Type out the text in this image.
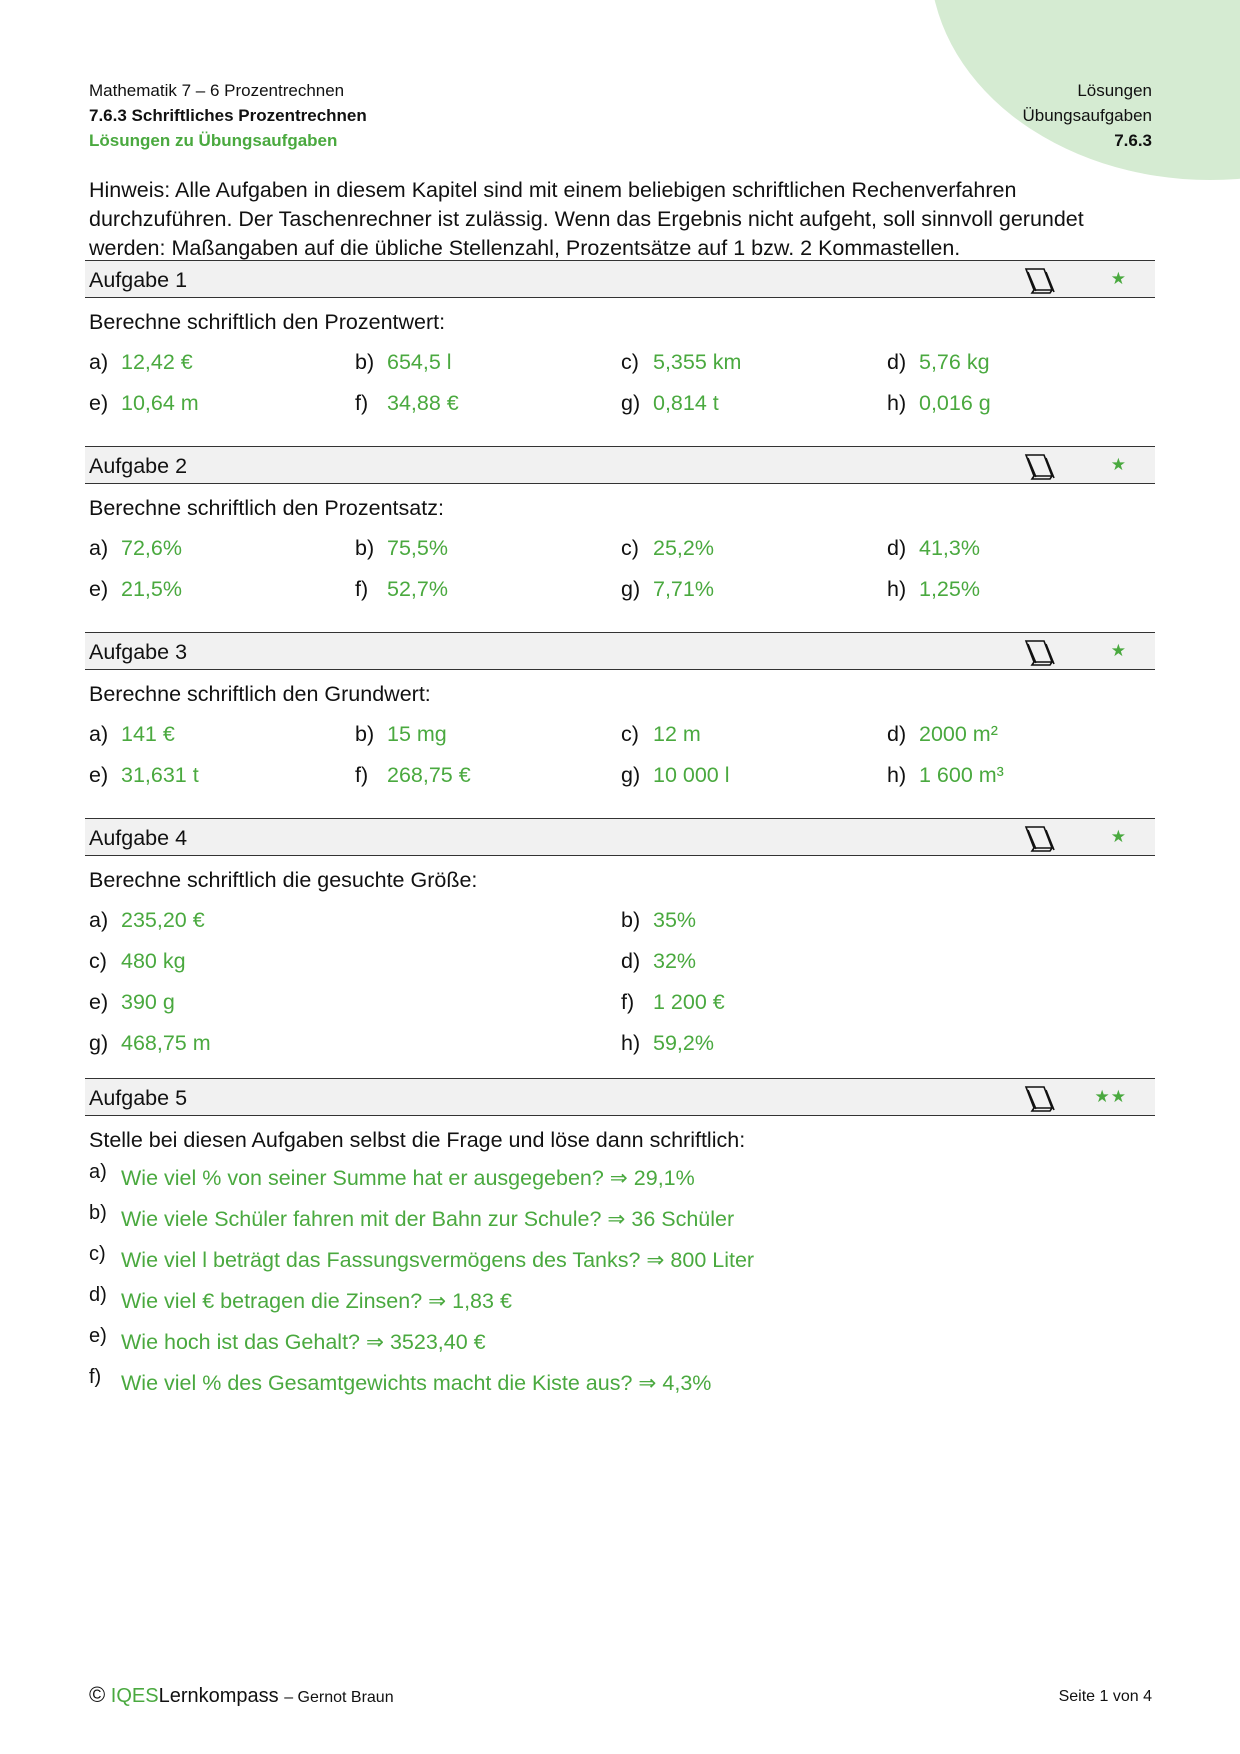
Mathematik 7 – 6 Prozentrechnen
7.6.3 Schriftliches Prozentrechnen
Lösungen zu Übungsaufgaben
Lösungen
Übungsaufgaben
7.6.3
Hinweis: Alle Aufgaben in diesem Kapitel sind mit einem beliebigen schriftlichen Rechenverfahren durchzuführen. Der Taschenrechner ist zulässig. Wenn das Ergebnis nicht aufgeht, soll sinnvoll gerundet werden: Maßangaben auf die übliche Stellenzahl, Prozentsätze auf 1 bzw. 2 Kommastellen.
Aufgabe 1	★
Berechne schriftlich den Prozentwert:
a) 12,42 €	b) 654,5 l	c) 5,355 km	d) 5,76 kg
e) 10,64 m	f) 34,88 €	g) 0,814 t	h) 0,016 g
Aufgabe 2	★
Berechne schriftlich den Prozentsatz:
a) 72,6%	b) 75,5%	c) 25,2%	d) 41,3%
e) 21,5%	f) 52,7%	g) 7,71%	h) 1,25%
Aufgabe 3	★
Berechne schriftlich den Grundwert:
a) 141 €	b) 15 mg	c) 12 m	d) 2000 m²
e) 31,631 t	f) 268,75 €	g) 10 000 l	h) 1 600 m³
Aufgabe 4	★
Berechne schriftlich die gesuchte Größe:
a) 235,20 €	b) 35%
c) 480 kg	d) 32%
e) 390 g	f) 1 200 €
g) 468,75 m	h) 59,2%
Aufgabe 5	★★
Stelle bei diesen Aufgaben selbst die Frage und löse dann schriftlich:
a) Wie viel % von seiner Summe hat er ausgegeben? ⇒ 29,1%
b) Wie viele Schüler fahren mit der Bahn zur Schule? ⇒ 36 Schüler
c) Wie viel l beträgt das Fassungsvermögens des Tanks? ⇒ 800 Liter
d) Wie viel € betragen die Zinsen? ⇒ 1,83 €
e) Wie hoch ist das Gehalt? ⇒ 3523,40 €
f) Wie viel % des Gesamtgewichts macht die Kiste aus? ⇒ 4,3%
© IQESLernkompass – Gernot Braun	Seite 1 von 4
